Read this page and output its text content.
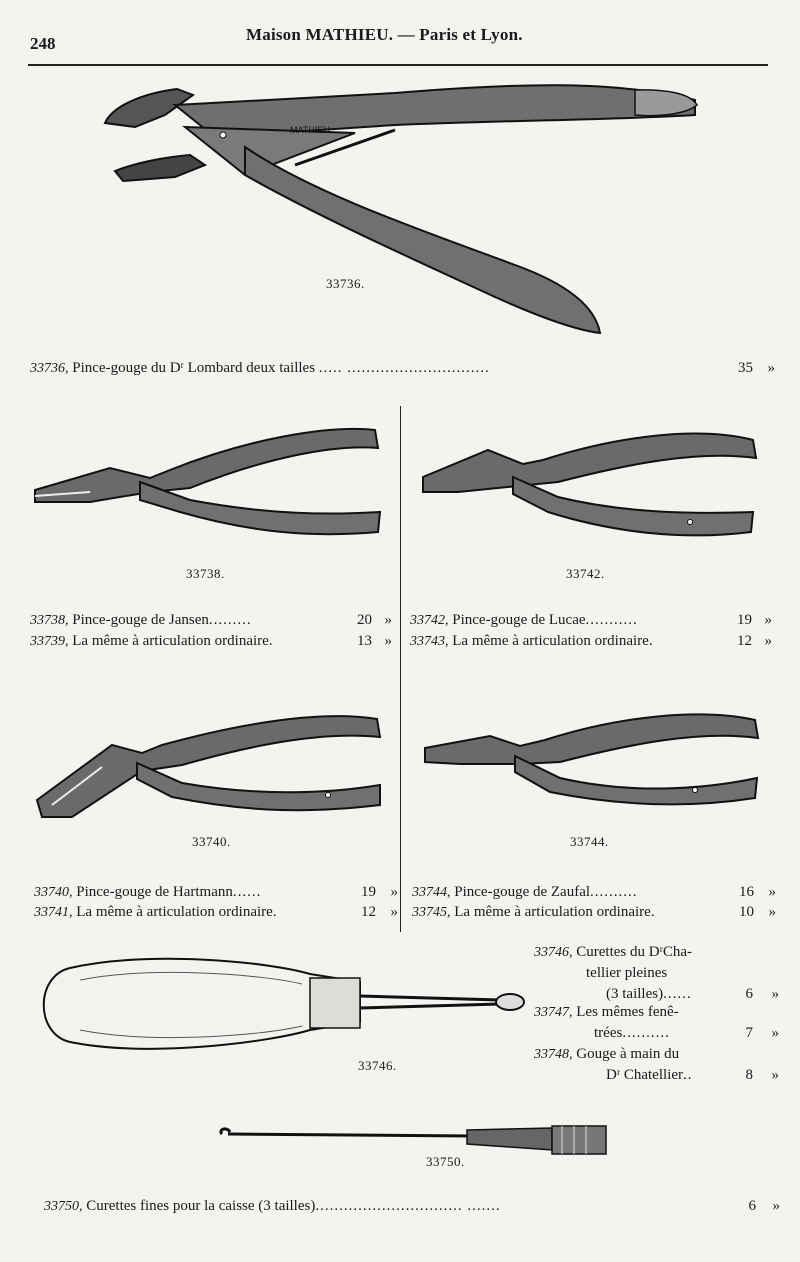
248	Maison MATHIEU. — Paris et Lyon.
MATHIEU
33736.
33736, Pince-gouge du Dʳ Lombard deux tailles ..... ..............................	35 »
33738.	33742.
33738, Pince-gouge de Jansen.........	20 »
33739, La même à articulation ordinaire.	13 »
33742, Pince-gouge de Lucae...........	19 »
33743, La même à articulation ordinaire.	12 »
33740.	33744.
33740, Pince-gouge de Hartmann......	19 »
33741, La même à articulation ordinaire.	12 »
33744, Pince-gouge de Zaufal..........	16 »
33745, La même à articulation ordinaire.	10 »
33746.
33746, Curettes du DʳCha-
tellier pleines
(3 tailles)......	6 »
33747, Les mêmes fenê-
trées..........	7 »
33748, Gouge à main du
Dʳ Chatellier..	8 »
33750.
33750, Curettes fines pour la caisse (3 tailles)............................... .......	6 »
